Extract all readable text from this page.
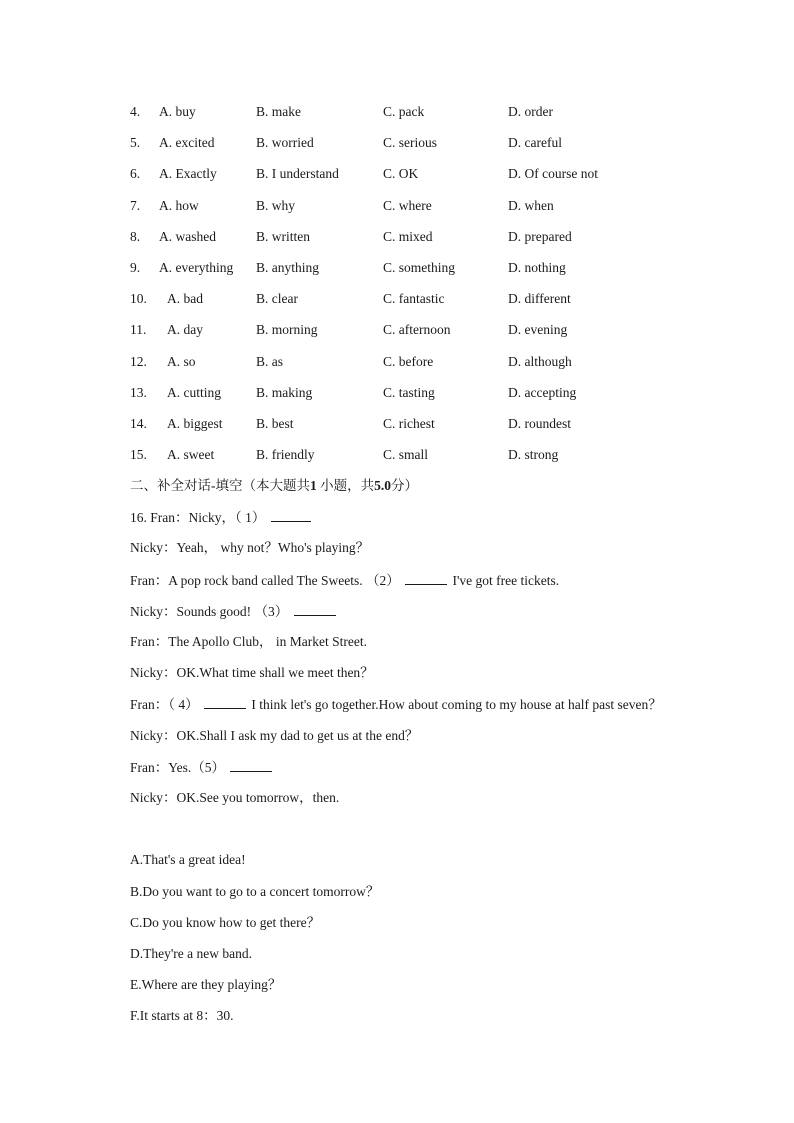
4. A. buy	B. make	C. pack	D. order
5. A. excited	B. worried	C. serious	D. careful
6. A. Exactly	B. I understand	C. OK	D. Of course not
7. A. how	B. why	C. where	D. when
8. A. washed	B. written	C. mixed	D. prepared
9. A. everything B. anything	C. something	D. nothing
10. A. bad	B. clear	C. fantastic	D. different
11. A. day	B. morning	C. afternoon	D. evening
12. A. so	B. as	C. before	D. although
13. A. cutting	B. making	C. tasting	D. accepting
14. A. biggest B. best	C. richest	D. roundest
15. A. sweet	B. friendly	C. small	D. strong
二、补全对话-填空（本大题共1 小题，共5.0分）
16. Fran：Nicky，（ 1）
Nicky：Yeah， why not？Who's playing？
Fran：A pop rock band called The Sweets. （2）	I've got free tickets.
Nicky：Sounds good! （3）
Fran：The Apollo Club， in Market Street.
Nicky：OK.What time shall we meet then？
Fran：（ 4）	I think let's go together.How about coming to my house at half past seven？
Nicky：OK.Shall I ask my dad to get us at the end？
Fran：Yes.（5）
Nicky：OK.See you tomorrow，then.
A.That's a great idea!
B.Do you want to go to a concert tomorrow？
C.Do you know how to get there？
D.They're a new band.
E.Where are they playing？
F.It starts at 8：30.
